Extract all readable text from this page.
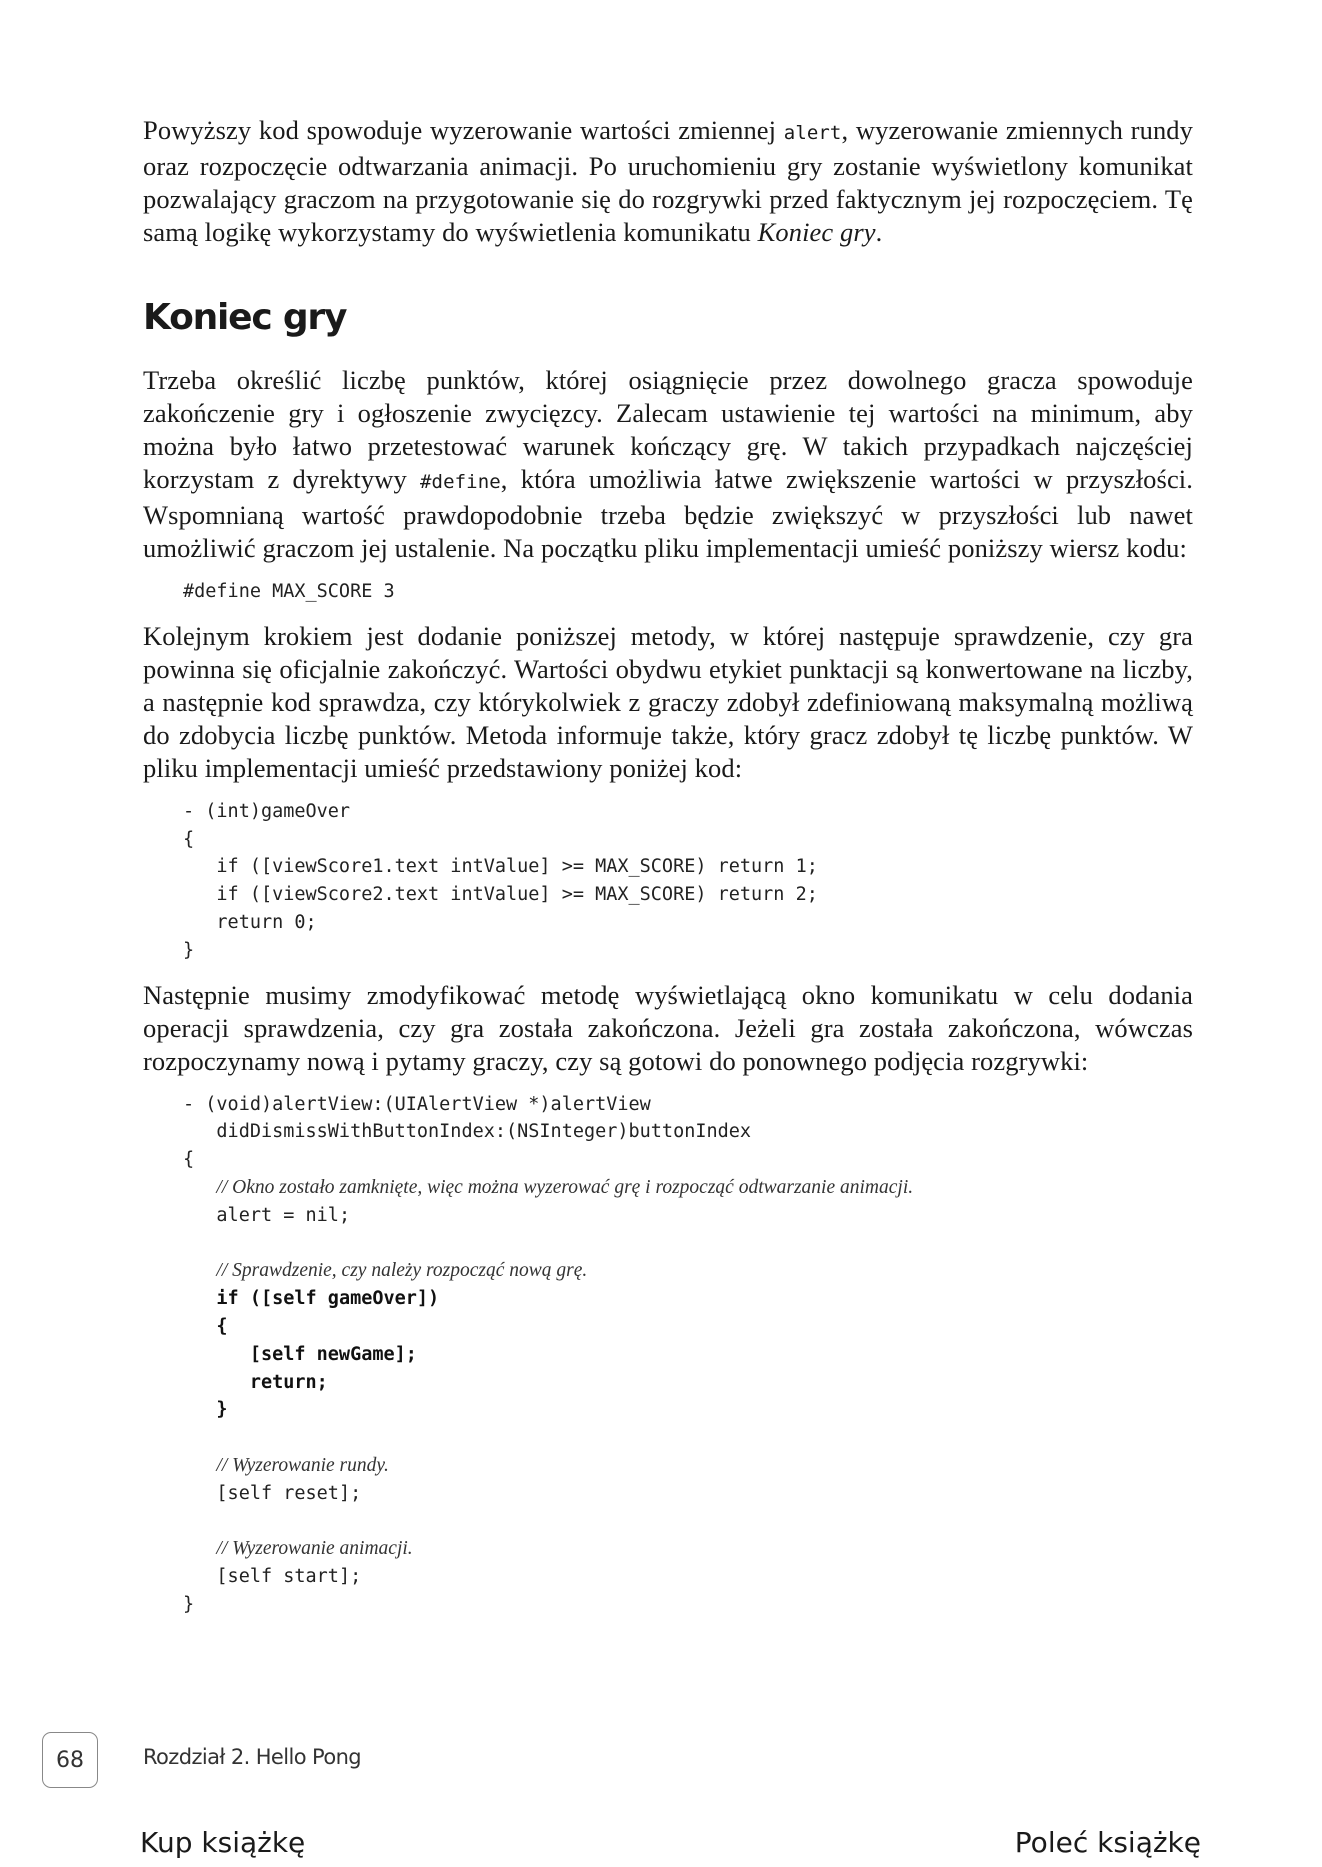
Powyższy kod spowoduje wyzerowanie wartości zmiennej alert, wyzerowanie zmiennych rundy oraz rozpoczęcie odtwarzania animacji. Po uruchomieniu gry zostanie wyświetlony komunikat pozwalający graczom na przygotowanie się do rozgrywki przed faktycznym jej rozpoczęciem. Tę samą logikę wykorzystamy do wyświetlenia komunikatu Koniec gry.

Koniec gry

Trzeba określić liczbę punktów, której osiągnięcie przez dowolnego gracza spowoduje zakończenie gry i ogłoszenie zwycięzcy. Zalecam ustawienie tej wartości na minimum, aby można było łatwo przetestować warunek kończący grę. W takich przypadkach najczęściej korzystam z dyrektywy #define, która umożliwia łatwe zwiększenie wartości w przyszłości. Wspomnianą wartość prawdopodobnie trzeba będzie zwiększyć w przyszłości lub nawet umożliwić graczom jej ustalenie. Na początku pliku implementacji umieść poniższy wiersz kodu:

#define MAX_SCORE 3

Kolejnym krokiem jest dodanie poniższej metody, w której następuje sprawdzenie, czy gra powinna się oficjalnie zakończyć. Wartości obydwu etykiet punktacji są konwertowane na liczby, a następnie kod sprawdza, czy którykolwiek z graczy zdobył zdefiniowaną maksymalną możliwą do zdobycia liczbę punktów. Metoda informuje także, który gracz zdobył tę liczbę punktów. W pliku implementacji umieść przedstawiony poniżej kod:

- (int)gameOver
{
if ([viewScore1.text intValue] >= MAX_SCORE) return 1;
if ([viewScore2.text intValue] >= MAX_SCORE) return 2;
return 0;
}

Następnie musimy zmodyfikować metodę wyświetlającą okno komunikatu w celu dodania operacji sprawdzenia, czy gra została zakończona. Jeżeli gra została zakończona, wówczas rozpoczynamy nową i pytamy graczy, czy są gotowi do ponownego podjęcia rozgrywki:

- (void)alertView:(UIAlertView *)alertView
didDismissWithButtonIndex:(NSInteger)buttonIndex
{
// Okno zostało zamknięte, więc można wyzerować grę i rozpocząć odtwarzanie animacji.
alert = nil;

// Sprawdzenie, czy należy rozpocząć nową grę.
if ([self gameOver])
{
[self newGame];
return;
}

// Wyzerowanie rundy.
[self reset];

// Wyzerowanie animacji.
[self start];
}
68	Rozdział 2. Hello Pong
Kup książkę	Poleć książkę
